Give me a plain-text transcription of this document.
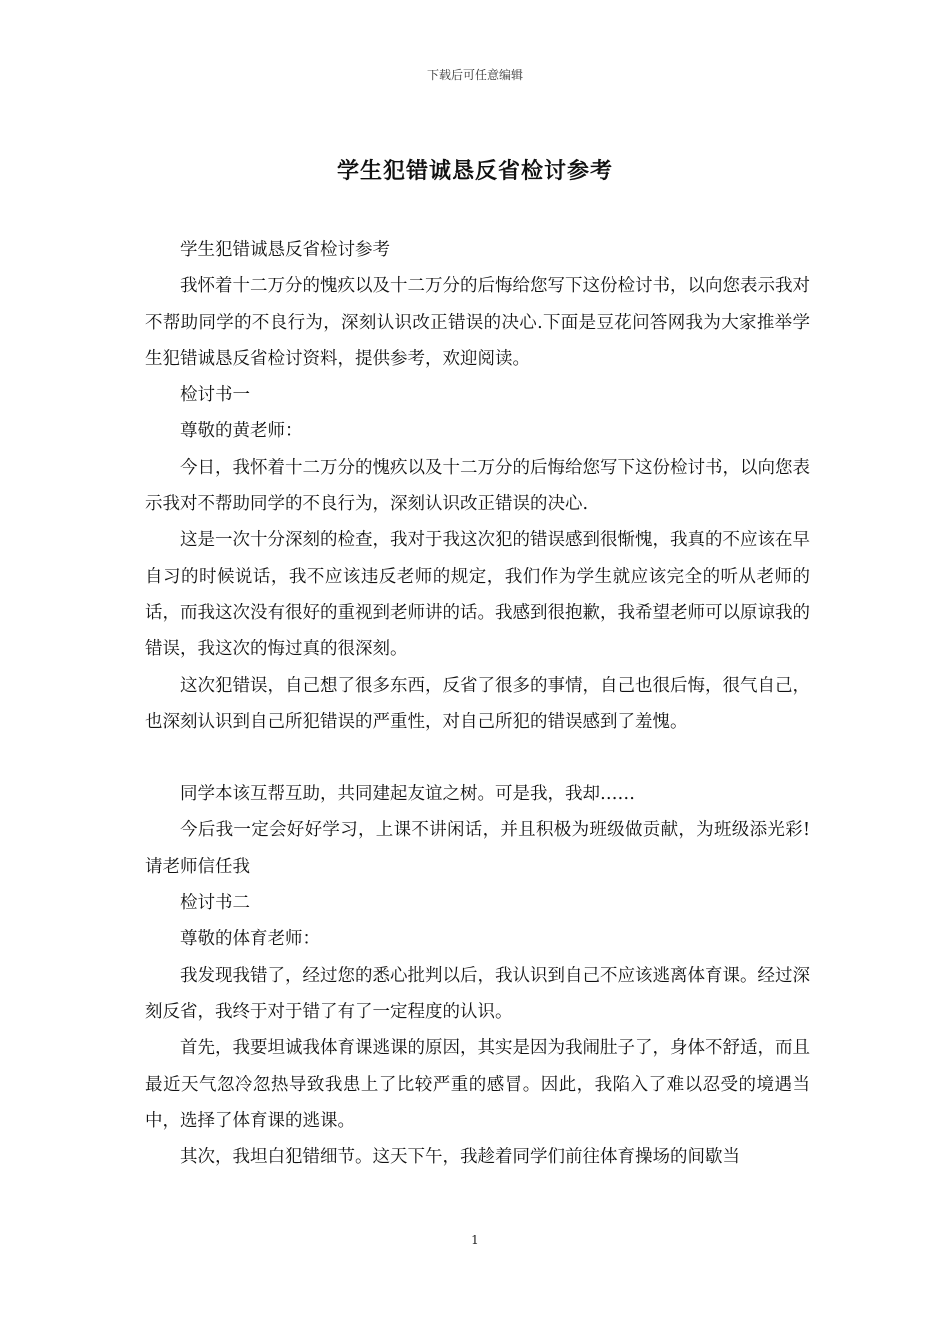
下载后可任意编辑
学生犯错诚恳反省检讨参考

学生犯错诚恳反省检讨参考

我怀着十二万分的愧疚以及十二万分的后悔给您写下这份检讨书，以向您表示我对不帮助同学的不良行为，深刻认识改正错误的决心.下面是豆花问答网我为大家推举学生犯错诚恳反省检讨资料，提供参考，欢迎阅读。

检讨书一

尊敬的黄老师：

今日，我怀着十二万分的愧疚以及十二万分的后悔给您写下这份检讨书，以向您表示我对不帮助同学的不良行为，深刻认识改正错误的决心.

这是一次十分深刻的检查，我对于我这次犯的错误感到很惭愧，我真的不应该在早自习的时候说话，我不应该违反老师的规定，我们作为学生就应该完全的听从老师的话，而我这次没有很好的重视到老师讲的话。我感到很抱歉，我希望老师可以原谅我的错误，我这次的悔过真的很深刻。

这次犯错误，自己想了很多东西，反省了很多的事情，自己也很后悔，很气自己，也深刻认识到自己所犯错误的严重性，对自己所犯的错误感到了羞愧。

同学本该互帮互助，共同建起友谊之树。可是我，我却……

今后我一定会好好学习，上课不讲闲话，并且积极为班级做贡献，为班级添光彩!请老师信任我

检讨书二

尊敬的体育老师：

我发现我错了，经过您的悉心批判以后，我认识到自己不应该逃离体育课。经过深刻反省，我终于对于错了有了一定程度的认识。

首先，我要坦诚我体育课逃课的原因，其实是因为我闹肚子了，身体不舒适，而且最近天气忽冷忽热导致我患上了比较严重的感冒。因此，我陷入了难以忍受的境遇当中，选择了体育课的逃课。

其次，我坦白犯错细节。这天下午，我趁着同学们前往体育操场的间歇当

1
